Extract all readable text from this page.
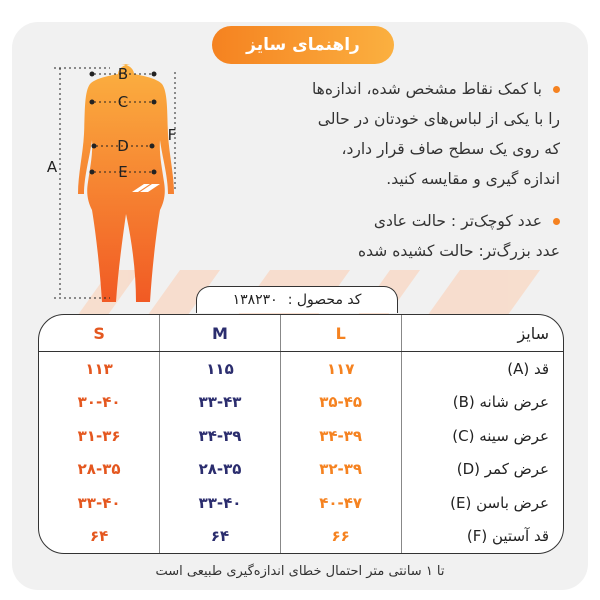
راهنمای سایز
B
C
D
E
A
F

با کمک نقاط مشخص شده، اندازه‌ها

را با یکی از لباس‌های خودتان در حالی

که روی یک سطح صاف قرار دارد،

اندازه گیری و مقایسه کنید.

عدد کوچک‌تر : حالت عادی

عدد بزرگ‌تر: حالت کشیده شده

کد محصول :
۱۳۸۲۳۰
سایز	L	M	S
قد (A)	۱۱۷	۱۱۵	۱۱۳
عرض شانه (B)	۳۵-۴۵	۳۳-۴۳	۳۰-۴۰
عرض سینه (C)	۳۴-۳۹	۳۴-۳۹	۳۱-۳۶
عرض کمر (D)	۳۲-۳۹	۲۸-۳۵	۲۸-۳۵
عرض باسن (E)	۴۰-۴۷	۳۳-۴۰	۳۳-۴۰
قد آستین (F)	۶۶	۶۴	۶۴
تا ۱ سانتی متر احتمال خطای اندازه‌گیری طبیعی است
